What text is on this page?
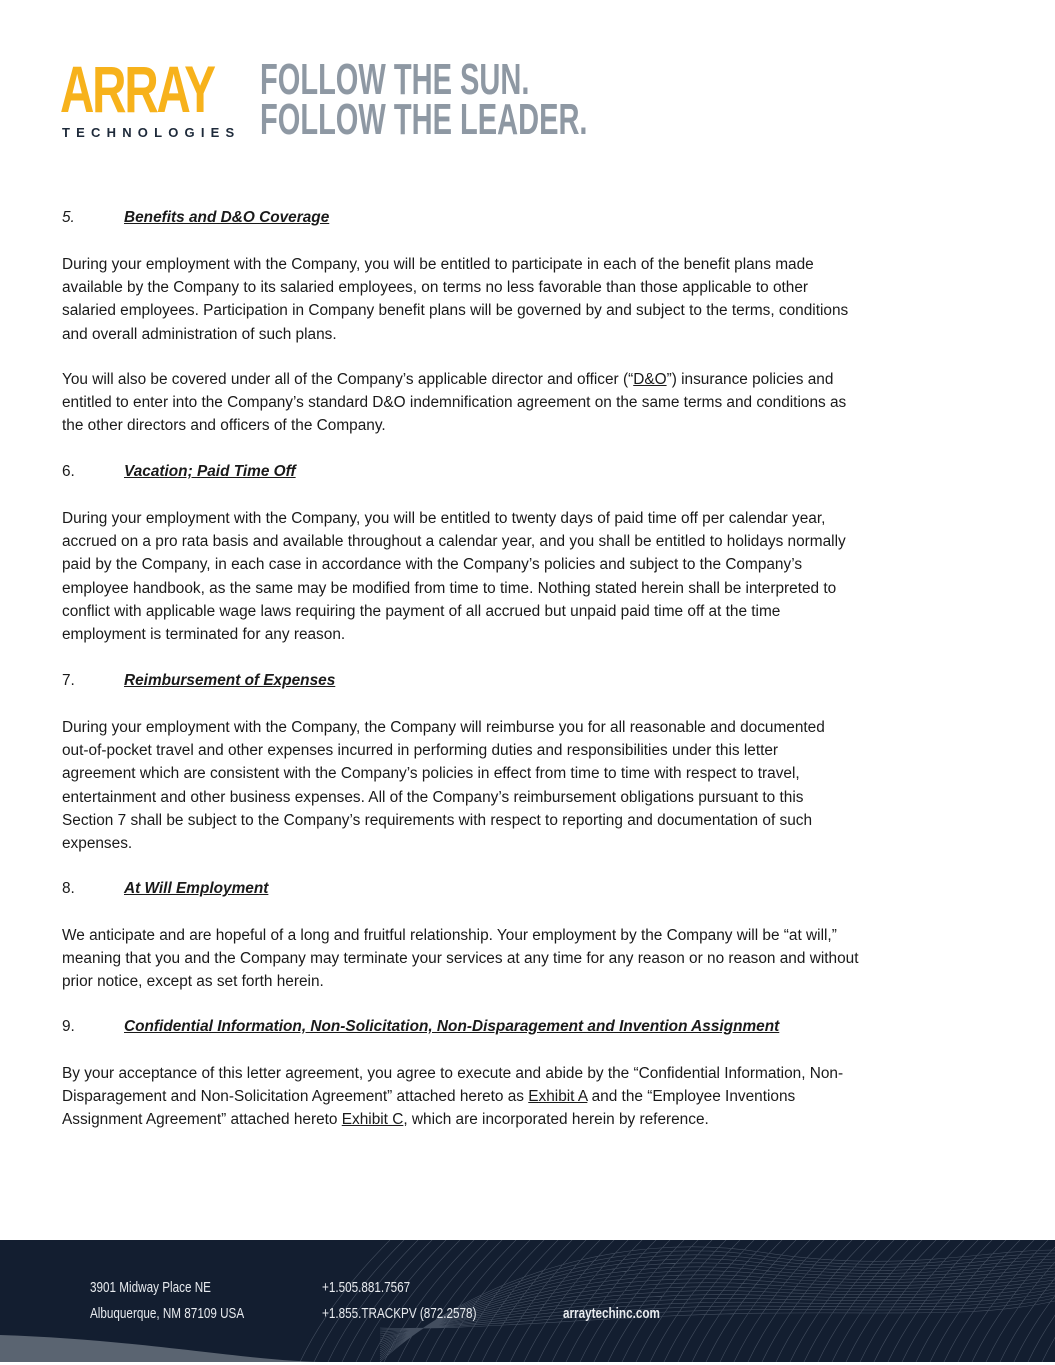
ARRAY
TECHNOLOGIES
FOLLOW THE SUN.
FOLLOW THE LEADER.
5.	Benefits and D&O Coverage
During your employment with the Company, you will be entitled to participate in each of the benefit plans made
available by the Company to its salaried employees, on terms no less favorable than those applicable to other
salaried employees. Participation in Company benefit plans will be governed by and subject to the terms, conditions
and overall administration of such plans.
You will also be covered under all of the Company’s applicable director and officer (“D&O”) insurance policies and
entitled to enter into the Company’s standard D&O indemnification agreement on the same terms and conditions as
the other directors and officers of the Company.
6.	Vacation; Paid Time Off
During your employment with the Company, you will be entitled to twenty days of paid time off per calendar year,
accrued on a pro rata basis and available throughout a calendar year, and you shall be entitled to holidays normally
paid by the Company, in each case in accordance with the Company’s policies and subject to the Company’s
employee handbook, as the same may be modified from time to time. Nothing stated herein shall be interpreted to
conflict with applicable wage laws requiring the payment of all accrued but unpaid paid time off at the time
employment is terminated for any reason.
7.	Reimbursement of Expenses
During your employment with the Company, the Company will reimburse you for all reasonable and documented
out-of-pocket travel and other expenses incurred in performing duties and responsibilities under this letter
agreement which are consistent with the Company’s policies in effect from time to time with respect to travel,
entertainment and other business expenses. All of the Company’s reimbursement obligations pursuant to this
Section 7 shall be subject to the Company’s requirements with respect to reporting and documentation of such
expenses.
8.	At Will Employment
We anticipate and are hopeful of a long and fruitful relationship. Your employment by the Company will be “at will,”
meaning that you and the Company may terminate your services at any time for any reason or no reason and without
prior notice, except as set forth herein.
9.	Confidential Information, Non-Solicitation, Non-Disparagement and Invention Assignment
By your acceptance of this letter agreement, you agree to execute and abide by the “Confidential Information, Non-
Disparagement and Non-Solicitation Agreement” attached hereto as Exhibit A and the “Employee Inventions
Assignment Agreement” attached hereto Exhibit C, which are incorporated herein by reference.
3901 Midway Place NE
Albuquerque, NM 87109 USA
+1.505.881.7567
+1.855.TRACKPV (872.2578)	arraytechinc.com
